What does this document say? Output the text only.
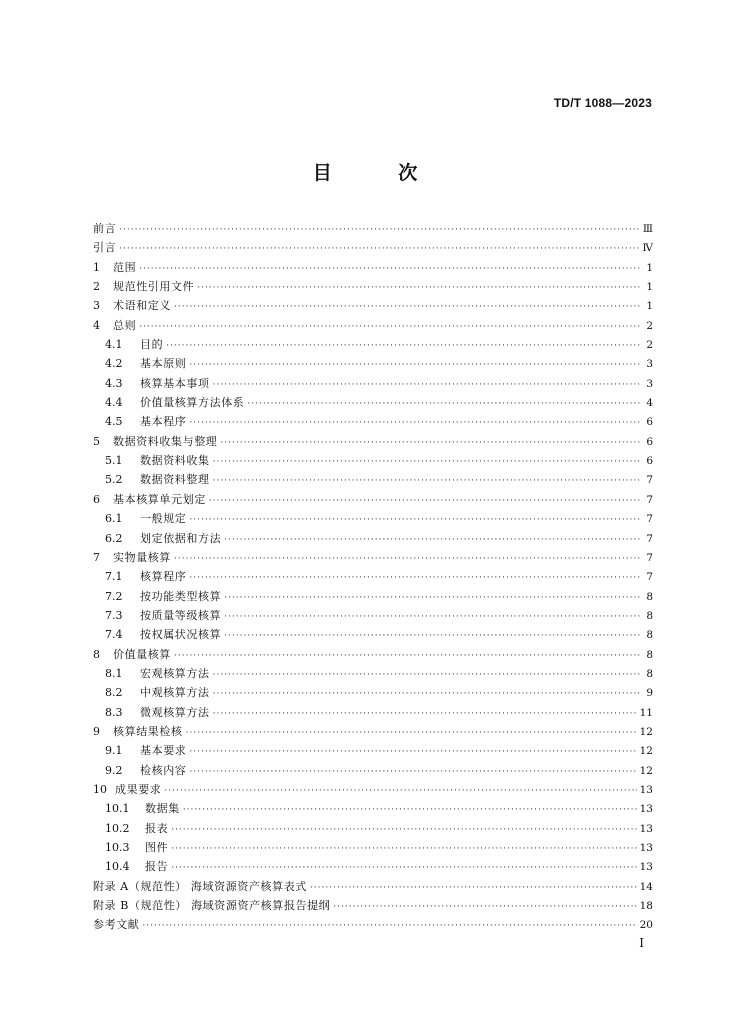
TD/T 1088—2023
目 次
前言 ·····	Ⅲ
引言 ·····	Ⅳ
1	范围 ·····	1
2	规范性引用文件 ·····	1
3	术语和定义 ·····	1
4	总则 ·····	2
4.1	目的 ·····	2
4.2	基本原则 ·····	3
4.3	核算基本事项 ·····	3
4.4	价值量核算方法体系 ·····	4
4.5	基本程序 ·····	6
5	数据资料收集与整理 ·····	6
5.1	数据资料收集 ·····	6
5.2	数据资料整理 ·····	7
6	基本核算单元划定 ·····	7
6.1	一般规定 ·····	7
6.2	划定依据和方法 ·····	7
7	实物量核算 ·····	7
7.1	核算程序 ·····	7
7.2	按功能类型核算 ·····	8
7.3	按质量等级核算 ·····	8
7.4	按权属状况核算 ·····	8
8	价值量核算 ·····	8
8.1	宏观核算方法 ·····	8
8.2	中观核算方法 ·····	9
8.3	微观核算方法 ·····	11
9	核算结果检核 ·····	12
9.1	基本要求 ·····	12
9.2	检核内容 ·····	12
10 成果要求 ·····	13
10.1	数据集 ·····	13
10.2	报表 ·····	13
10.3	图件 ·····	13
10.4	报告 ·····	13
附录 A（规范性） 海域资源资产核算表式 ·····	14
附录 B（规范性） 海域资源资产核算报告提纲 ·····	18
参考文献 ·····	20
Ⅰ
